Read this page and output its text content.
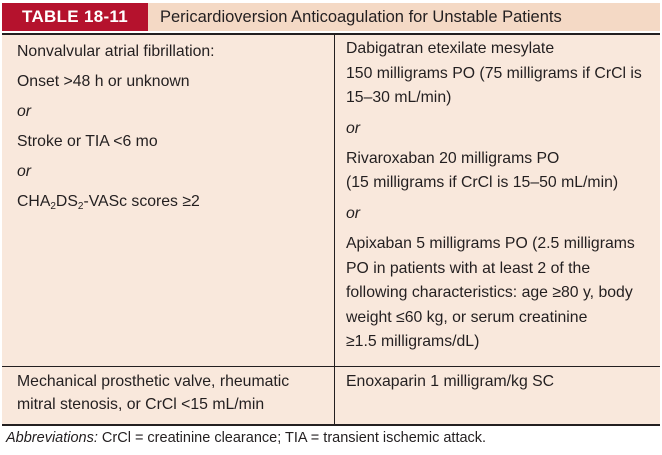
TABLE 18-11	Pericardioversion Anticoagulation for Unstable Patients
Nonvalvular atrial fibrillation:
Onset >48 h or unknown
or
Stroke or TIA <6 mo
or
$CHA_2DS_2$-VASc scores ≥2
Dabigatran etexilate mesylate
150 milligrams PO (75 milligrams if CrCl is
15–30 mL/min)
or
Rivaroxaban 20 milligrams PO
(15 milligrams if CrCl is 15–50 mL/min)
or
Apixaban 5 milligrams PO (2.5 milligrams
PO in patients with at least 2 of the
following characteristics: age ≥80 y, body
weight ≤60 kg, or serum creatinine
≥1.5 milligrams/dL)
Mechanical prosthetic valve, rheumatic
mitral stenosis, or CrCl <15 mL/min
Enoxaparin 1 milligram/kg SC
Abbreviations: CrCl = creatinine clearance; TIA = transient ischemic attack.
